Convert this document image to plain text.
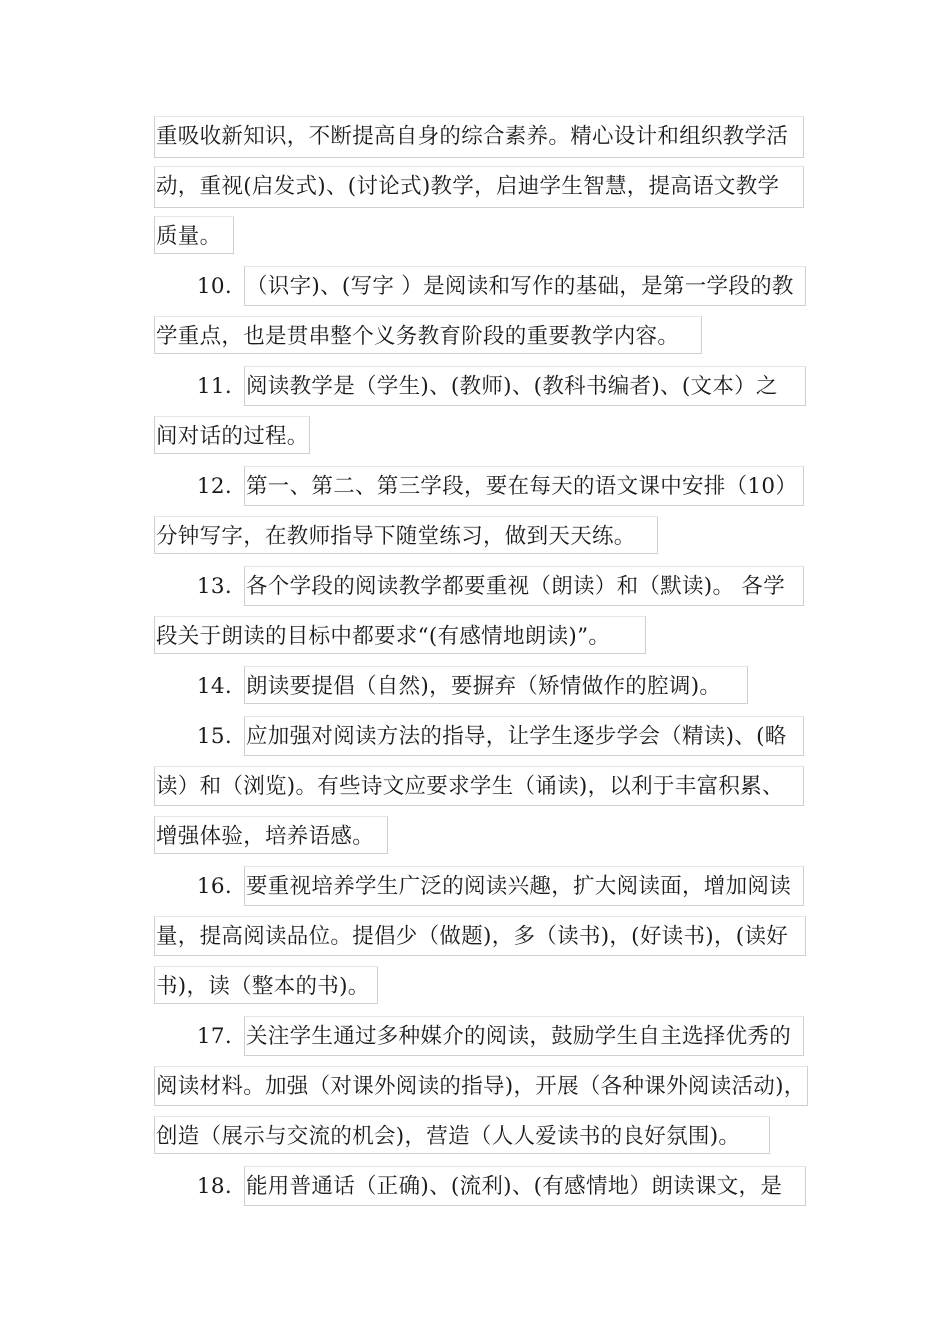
10.
11.
12.
13.
14.
15.
16.
17.
18.
重吸收新知识，不断提高自身的综合素养。精心设计和组织教学活
动，重视(启发式)、(讨论式)教学，启迪学生智慧，提高语文教学
质量。
（识字)、(写字 ）是阅读和写作的基础，是第一学段的教
学重点，也是贯串整个义务教育阶段的重要教学内容。
阅读教学是（学生)、(教师)、(教科书编者)、(文本）之
间对话的过程。
第一、第二、第三学段，要在每天的语文课中安排（10）
分钟写字，在教师指导下随堂练习，做到天天练。
各个学段的阅读教学都要重视（朗读）和（默读)。 各学
段关于朗读的目标中都要求“(有感情地朗读)”。
朗读要提倡（自然)，要摒弃（矫情做作的腔调)。
应加强对阅读方法的指导，让学生逐步学会（精读)、(略
读）和（浏览)。有些诗文应要求学生（诵读)，以利于丰富积累、
增强体验，培养语感。
要重视培养学生广泛的阅读兴趣，扩大阅读面，增加阅读
量，提高阅读品位。提倡少（做题)，多（读书)，(好读书)，(读好
书)，读（整本的书)。
关注学生通过多种媒介的阅读，鼓励学生自主选择优秀的
阅读材料。加强（对课外阅读的指导)，开展（各种课外阅读活动)，
创造（展示与交流的机会)，营造（人人爱读书的良好氛围)。
能用普通话（正确)、(流利)、(有感情地）朗读课文，是
